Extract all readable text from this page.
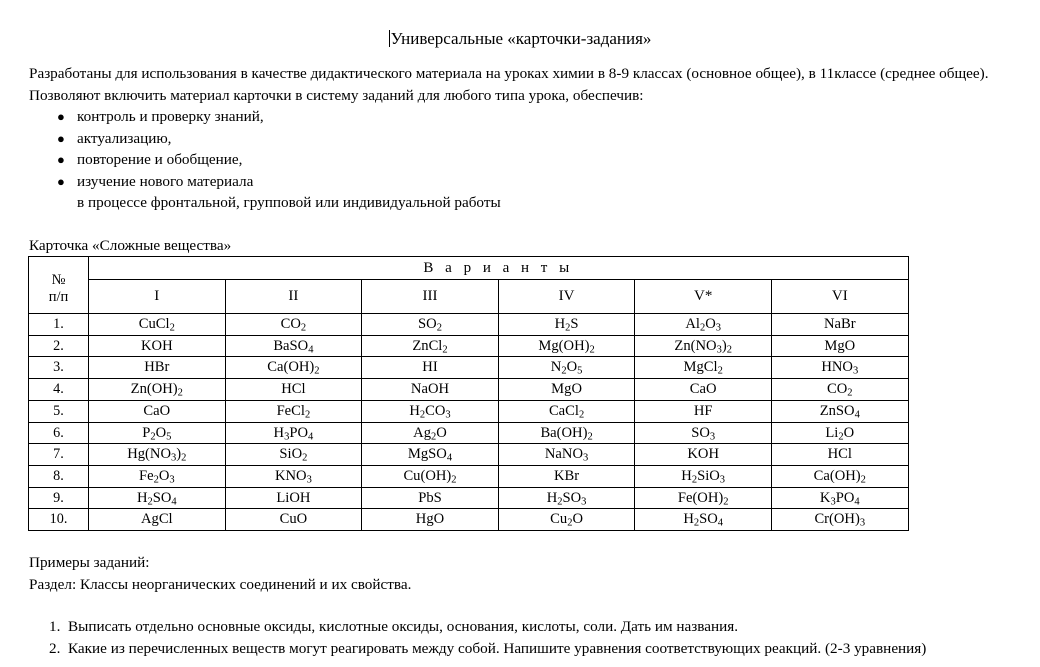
Универсальные «карточки-задания»

Разработаны для использования в качестве дидактического материала на уроках химии в 8-9 классах (основное общее), в 11классе (среднее общее).

Позволяют включить материал карточки в систему заданий для любого типа урока, обеспечив:

● контроль и проверку знаний,
● актуализацию,
● повторение и обобщение,
● изучение нового материала
в процессе фронтальной, групповой или индивидуальной работы
Карточка «Сложные вещества»
№
п/п	В а р и а н т ы					
	I	II	III	IV	V*	VI
1.	CuCl$_2$	$CO_2$	$SO_2$	$H_2S$	$Al_2O_3$	NaBr
2.	KOH	BaSO$_4$	ZnCl$_2$	$Mg(OH)_2$	$Zn(NO_3)_2$	MgO
3.	HBr	$Ca(OH)_2$	HI	$N_2O_5$	MgCl$_2$	$HNO_3$
4.	$Zn(OH)_2$	HCl	NaOH	MgO	CaO	$CO_2$
5.	CaO	FeCl$_2$	$H_2CO_3$	CaCl$_2$	HF	ZnSO$_4$
6.	$P_2O_5$	$H_3PO_4$	$Ag_2O$	$Ba(OH)_2$	$SO_3$	$Li_2O$
7.	$Hg(NO_3)_2$	SiO$_2$	MgSO$_4$	NaNO$_3$	KOH	HCl
8.	$Fe_2O_3$	$KNO_3$	$Cu(OH)_2$	KBr	$H_2SiO_3$	$Ca(OH)_2$
9.	$H_2SO_4$	LiOH	PbS	$H_2SO_3$	$Fe(OH)_2$	$K_3PO_4$
10.	AgCl	CuO	HgO	$Cu_2O$	$H_2SO_4$	$Cr(OH)_3$

Примеры заданий:

Раздел: Классы неорганических соединений и их свойства.

1. Выписать отдельно основные оксиды, кислотные оксиды, основания, кислоты, соли. Дать им названия.
2. Какие из перечисленных веществ могут реагировать между собой. Напишите уравнения соответствующих реакций. (2-3 уравнения)
